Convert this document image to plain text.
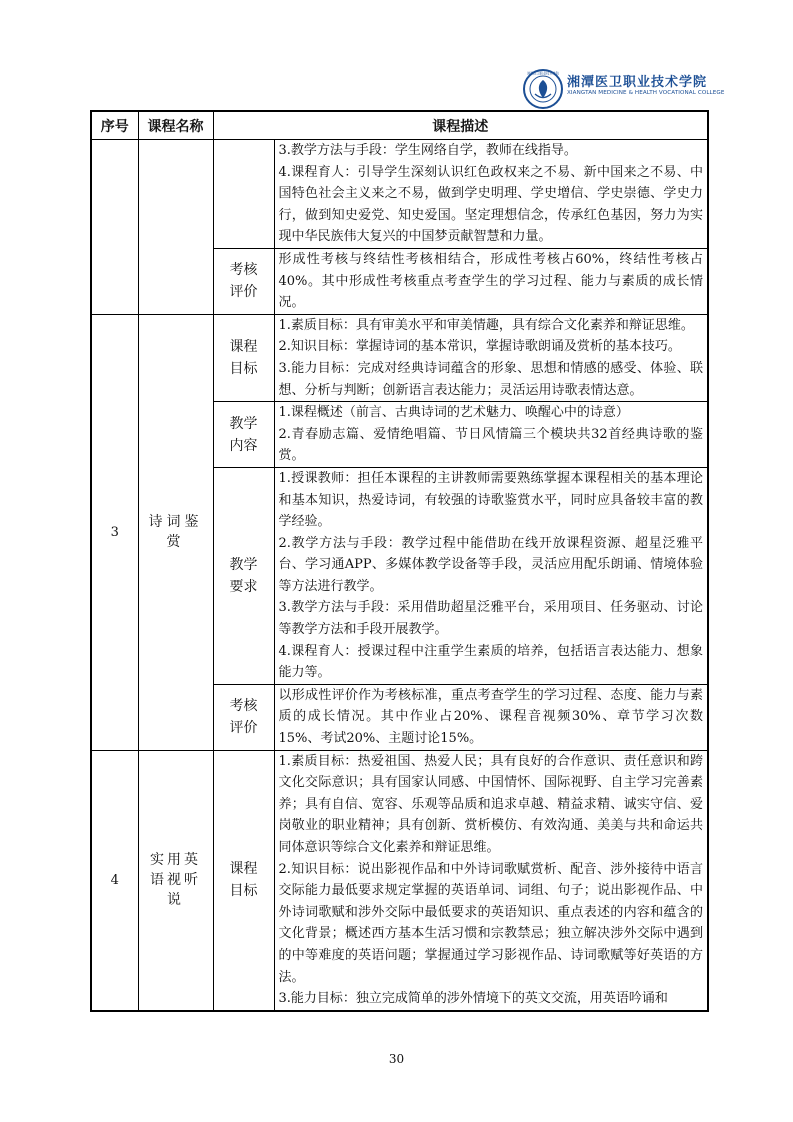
湘潭医卫职业技术学院
湘潭医卫职业技术学院
XIANGTAN MEDICINE & HEALTH VOCATIONAL COLLEGE
序号	课程名称	课程描述	

			3.教学方法与手段：学生网络自学，教师在线指导。
4.课程育人：引导学生深刻认识红色政权来之不易、新中国来之不易、中国特色社会主义来之不易，做到学史明理、学史增信、学史崇德、学史力行，做到知史爱党、知史爱国。坚定理想信念，传承红色基因，努力为实现中华民族伟大复兴的中国梦贡献智慧和力量。

		考核评价	形成性考核与终结性考核相结合，形成性考核占60%，终结性考核占40%。其中形成性考核重点考查学生的学习过程、能力与素质的成长情况。

3	诗词鉴赏	课程目标	1.素质目标：具有审美水平和审美情趣，具有综合文化素养和辩证思维。
2.知识目标：掌握诗词的基本常识，掌握诗歌朗诵及赏析的基本技巧。
3.能力目标：完成对经典诗词蕴含的形象、思想和情感的感受、体验、联想、分析与判断；创新语言表达能力；灵活运用诗歌表情达意。

		教学内容	1.课程概述（前言、古典诗词的艺术魅力、唤醒心中的诗意）
2.青春励志篇、爱情绝唱篇、节日风情篇三个模块共32首经典诗歌的鉴赏。

		教学要求	1.授课教师：担任本课程的主讲教师需要熟练掌握本课程相关的基本理论和基本知识，热爱诗词，有较强的诗歌鉴赏水平，同时应具备较丰富的教学经验。
2.教学方法与手段：教学过程中能借助在线开放课程资源、超星泛雅平台、学习通APP、多媒体教学设备等手段，灵活应用配乐朗诵、情境体验等方法进行教学。
3.教学方法与手段：采用借助超星泛雅平台，采用项目、任务驱动、讨论等教学方法和手段开展教学。
4.课程育人：授课过程中注重学生素质的培养，包括语言表达能力、想象能力等。

		考核评价	以形成性评价作为考核标准，重点考查学生的学习过程、态度、能力与素质的成长情况。其中作业占20%、课程音视频30%、章节学习次数15%、考试20%、主题讨论15%。

4	实用英语视听说	课程目标	1.素质目标：热爱祖国、热爱人民；具有良好的合作意识、责任意识和跨文化交际意识；具有国家认同感、中国情怀、国际视野、自主学习完善素养；具有自信、宽容、乐观等品质和追求卓越、精益求精、诚实守信、爱岗敬业的职业精神；具有创新、赏析模仿、有效沟通、美美与共和命运共同体意识等综合文化素养和辩证思维。
2.知识目标：说出影视作品和中外诗词歌赋赏析、配音、涉外接待中语言交际能力最低要求规定掌握的英语单词、词组、句子；说出影视作品、中外诗词歌赋和涉外交际中最低要求的英语知识、重点表述的内容和蕴含的文化背景；概述西方基本生活习惯和宗教禁忌；独立解决涉外交际中遇到的中等难度的英语问题；掌握通过学习影视作品、诗词歌赋等好英语的方法。
3.能力目标：独立完成简单的涉外情境下的英文交流，用英语吟诵和
30
